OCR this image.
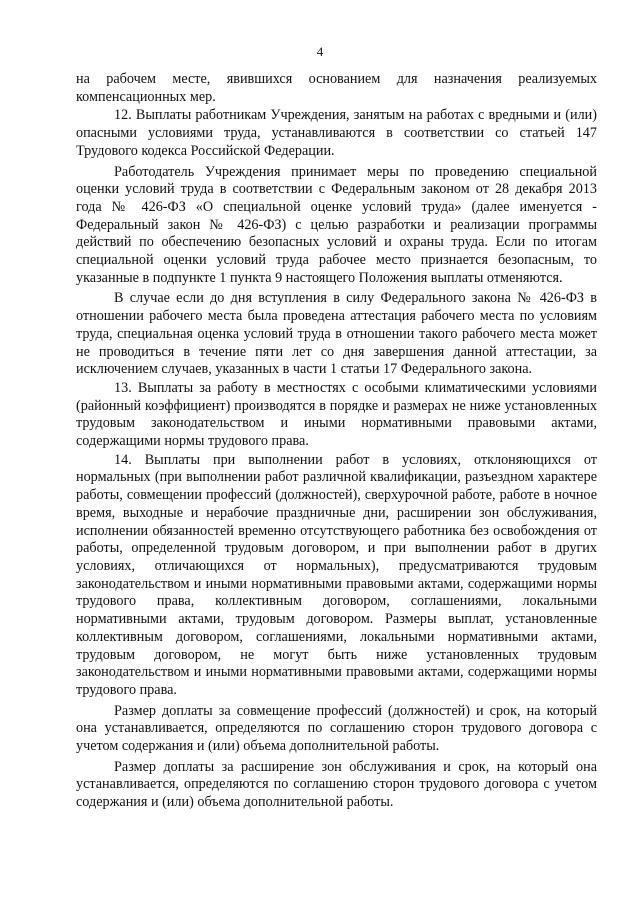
4

на рабочем месте, явившихся основанием для назначения реализуемых компенсационных мер.

12. Выплаты работникам Учреждения, занятым на работах с вредными и (или) опасными условиями труда, устанавливаются в соответствии со статьей 147 Трудового кодекса Российской Федерации.

Работодатель Учреждения принимает меры по проведению специальной оценки условий труда в соответствии с Федеральным законом от 28 декабря 2013 года № 426-ФЗ «О специальной оценке условий труда» (далее именуется - Федеральный закон № 426-ФЗ) с целью разработки и реализации программы действий по обеспечению безопасных условий и охраны труда. Если по итогам специальной оценки условий труда рабочее место признается безопасным, то указанные в подпункте 1 пункта 9 настоящего Положения выплаты отменяются.

В случае если до дня вступления в силу Федерального закона № 426-ФЗ в отношении рабочего места была проведена аттестация рабочего места по условиям труда, специальная оценка условий труда в отношении такого рабочего места может не проводиться в течение пяти лет со дня завершения данной аттестации, за исключением случаев, указанных в части 1 статьи 17 Федерального закона.

13. Выплаты за работу в местностях с особыми климатическими условиями (районный коэффициент) производятся в порядке и размерах не ниже установленных трудовым законодательством и иными нормативными правовыми актами, содержащими нормы трудового права.

14. Выплаты при выполнении работ в условиях, отклоняющихся от нормальных (при выполнении работ различной квалификации, разъездном характере работы, совмещении профессий (должностей), сверхурочной работе, работе в ночное время, выходные и нерабочие праздничные дни, расширении зон обслуживания, исполнении обязанностей временно отсутствующего работника без освобождения от работы, определенной трудовым договором, и при выполнении работ в других условиях, отличающихся от нормальных), предусматриваются трудовым законодательством и иными нормативными правовыми актами, содержащими нормы трудового права, коллективным договором, соглашениями, локальными нормативными актами, трудовым договором. Размеры выплат, установленные коллективным договором, соглашениями, локальными нормативными актами, трудовым договором, не могут быть ниже установленных трудовым законодательством и иными нормативными правовыми актами, содержащими нормы трудового права.

Размер доплаты за совмещение профессий (должностей) и срок, на который она устанавливается, определяются по соглашению сторон трудового договора с учетом содержания и (или) объема дополнительной работы.

Размер доплаты за расширение зон обслуживания и срок, на который она устанавливается, определяются по соглашению сторон трудового договора с учетом содержания и (или) объема дополнительной работы.
